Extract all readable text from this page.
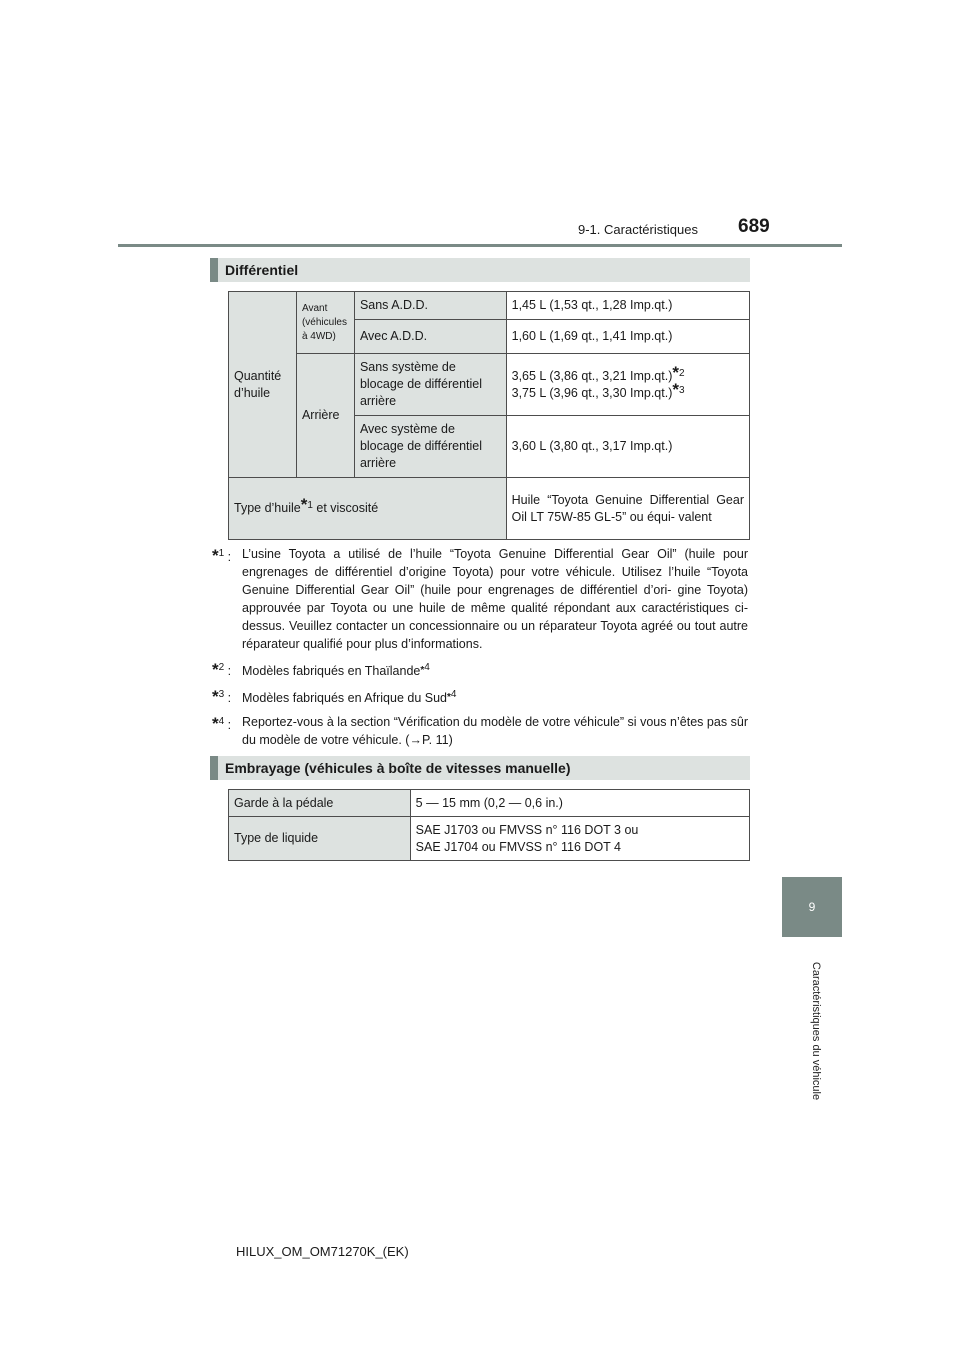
9-1. Caractéristiques 689
9
Caractéristiques du véhicule
Différentiel
Quantité d’huile	Avant (véhicules à 4WD)	Sans A.D.D.	1,45 L (1,53 qt., 1,28 Imp.qt.)
		Avec A.D.D.	1,60 L (1,69 qt., 1,41 Imp.qt.)
	Arrière	Sans système de blocage de différentiel arrière	3,65 L (3,86 qt., 3,21 Imp.qt.)$^{*2}$
3,75 L (3,96 qt., 3,30 Imp.qt.)$^{*3}$
		Avec système de blocage de différentiel arrière	3,60 L (3,80 qt., 3,17 Imp.qt.)
Type d’huile$^{*1}$ et viscosité			Huile “Toyota Genuine Differential Gear Oil LT 75W-85 GL-5” ou équi- valent
*$^1$ : L’usine Toyota a utilisé de l’huile “Toyota Genuine Differential Gear Oil” (huile pour engrenages de différentiel d’origine Toyota) pour votre véhicule. Utilisez l’huile “Toyota Genuine Differential Gear Oil” (huile pour engrenages de différentiel d’ori- gine Toyota) approuvée par Toyota ou une huile de même qualité répondant aux caractéristiques ci-dessus. Veuillez contacter un concessionnaire ou un réparateur Toyota agréé ou tout autre réparateur qualifié pour plus d’informations.
*$^2$ : Modèles fabriqués en Thaïlande$^{*4}$
*$^3$ : Modèles fabriqués en Afrique du Sud$^{*4}$
*$^4$ : Reportez-vous à la section “Vérification du modèle de votre véhicule” si vous n’êtes pas sûr du modèle de votre véhicule. (→P. 11)
Embrayage (véhicules à boîte de vitesses manuelle)
Garde à la pédale	5 — 15 mm (0,2 — 0,6 in.)
Type de liquide	SAE J1703 ou FMVSS n° 116 DOT 3 ou
SAE J1704 ou FMVSS n° 116 DOT 4
HILUX_OM_OM71270K_(EK)
